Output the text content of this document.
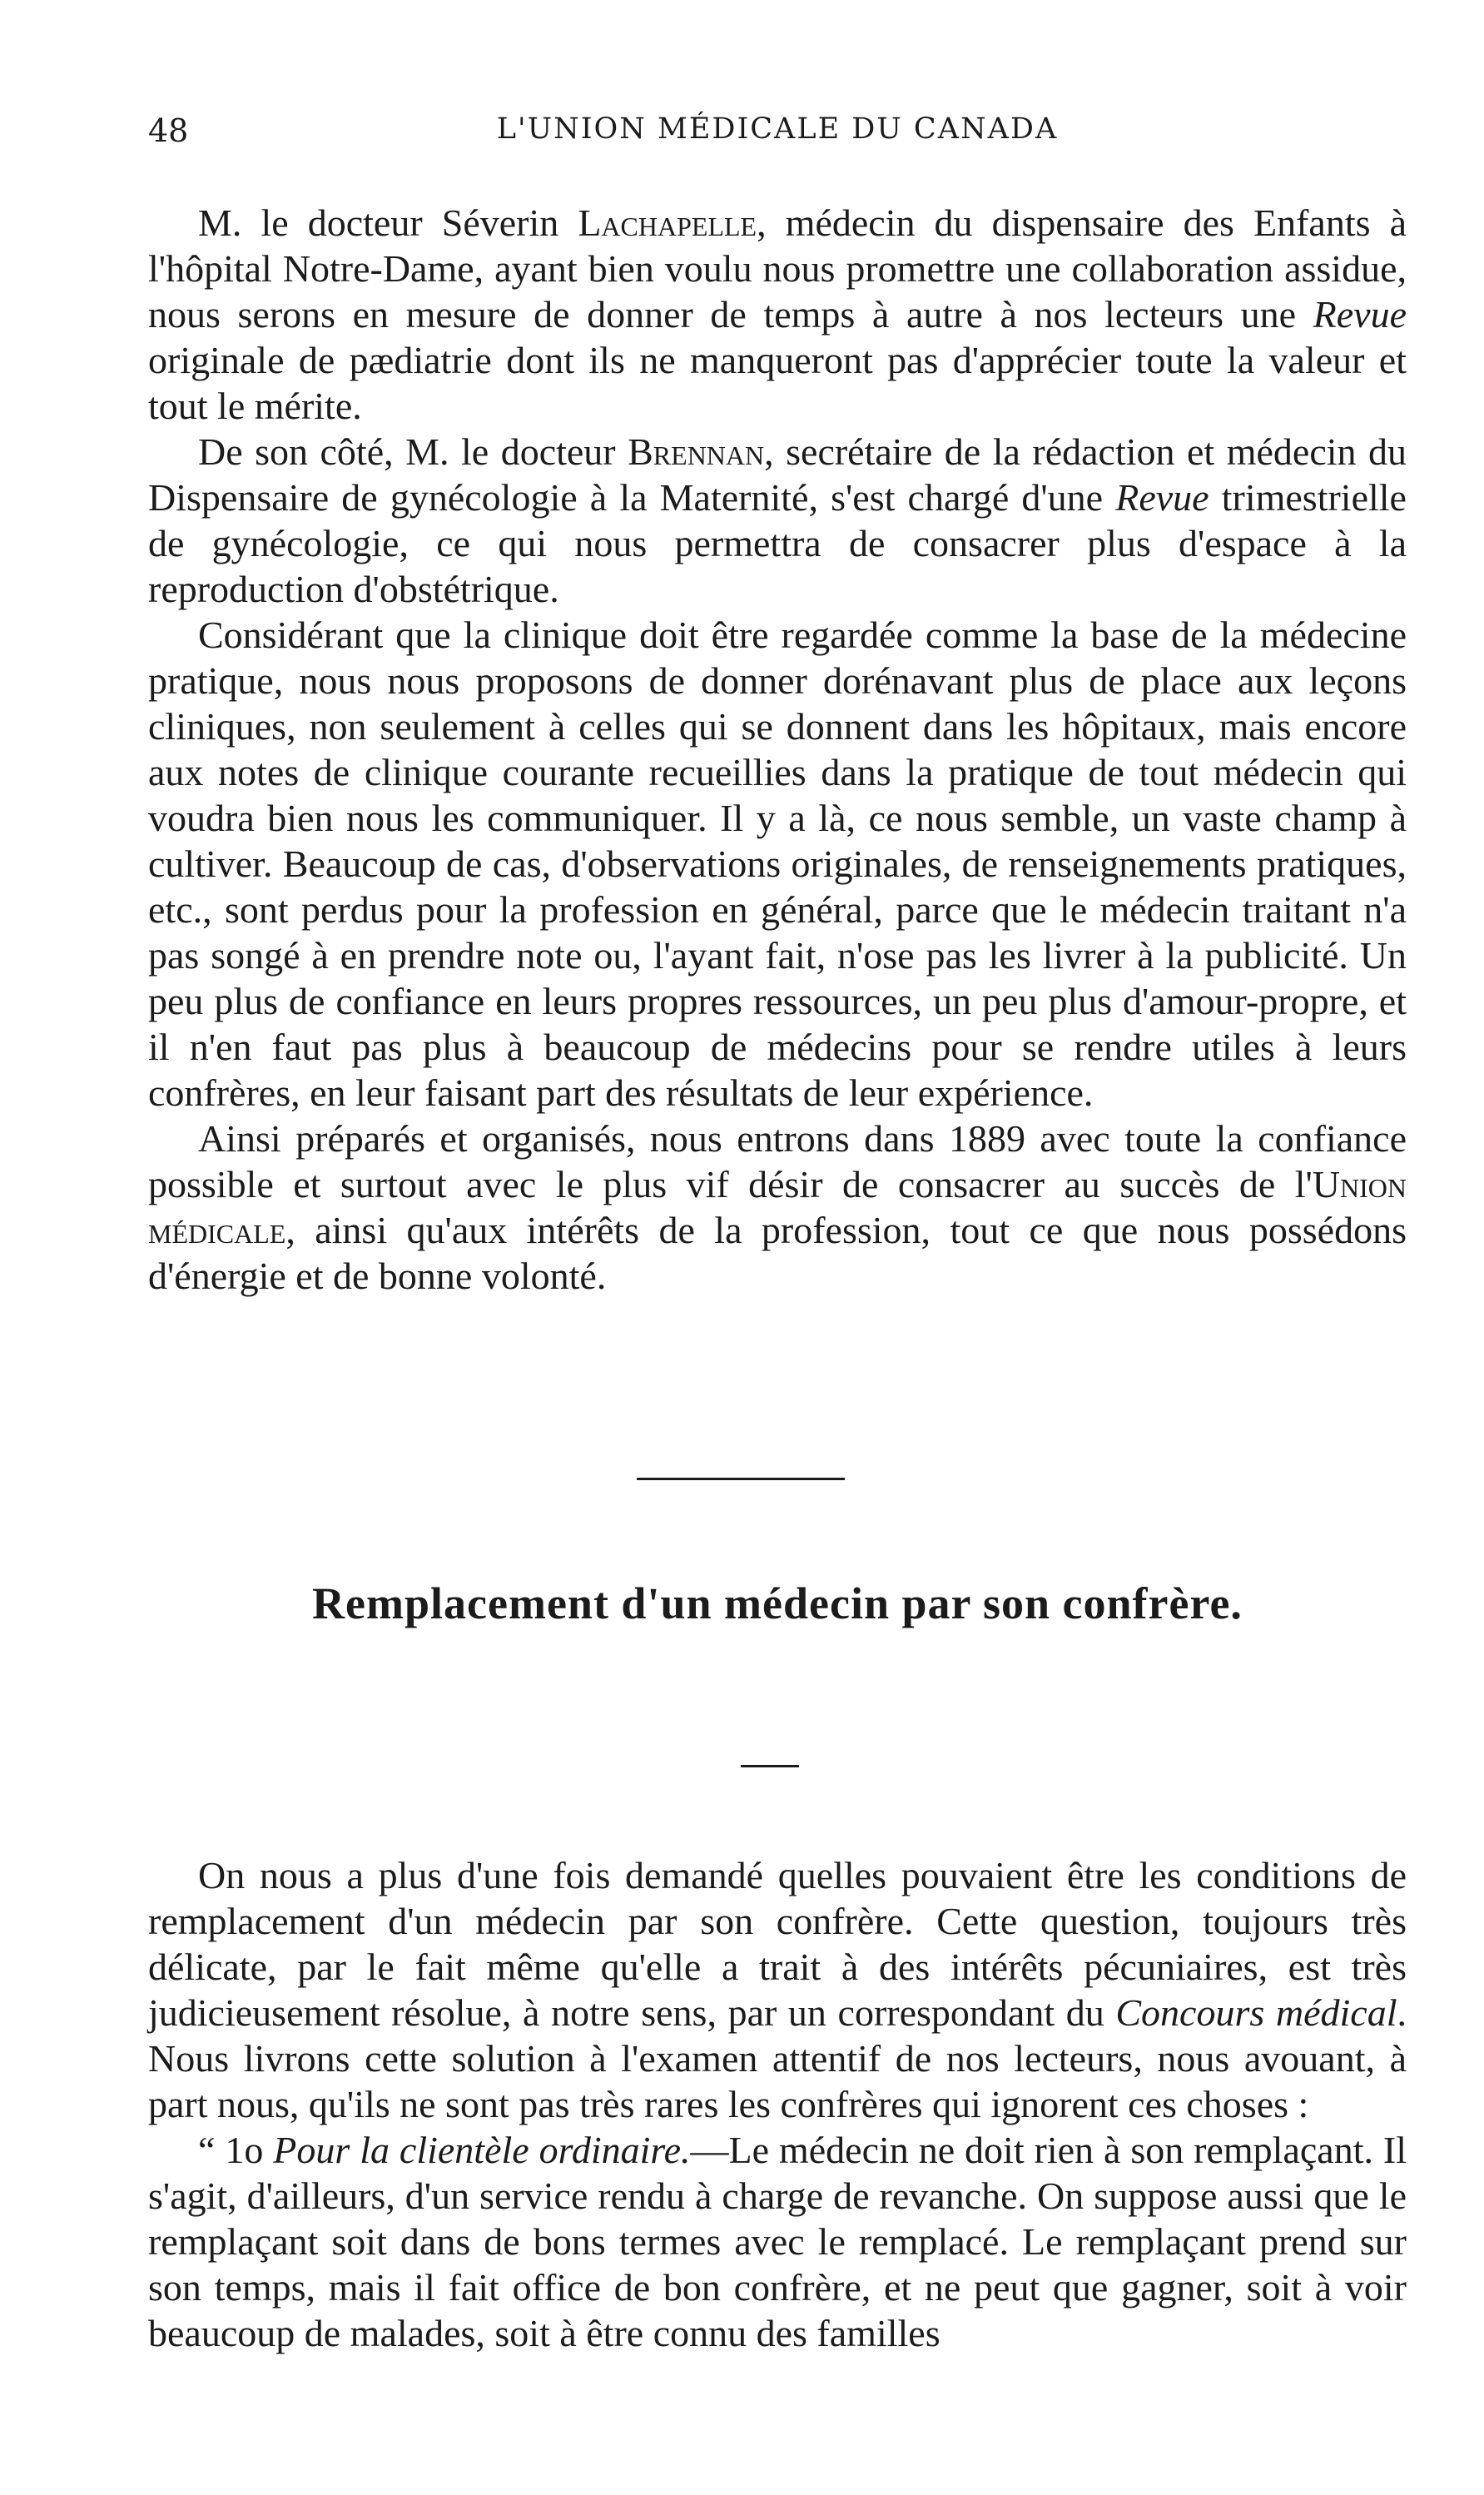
48	L'UNION MÉDICALE DU CANADA

M. le docteur Séverin Lachapelle, médecin du dispensaire des Enfants à l'hôpital Notre-Dame, ayant bien voulu nous promettre une collaboration assidue, nous serons en mesure de donner de temps à autre à nos lecteurs une Revue originale de pædiatrie dont ils ne manqueront pas d'apprécier toute la valeur et tout le mérite.

De son côté, M. le docteur Brennan, secrétaire de la rédaction et médecin du Dispensaire de gynécologie à la Maternité, s'est chargé d'une Revue trimestrielle de gynécologie, ce qui nous permettra de consacrer plus d'espace à la reproduction d'obstétrique.

Considérant que la clinique doit être regardée comme la base de la médecine pratique, nous nous proposons de donner dorénavant plus de place aux leçons cliniques, non seulement à celles qui se donnent dans les hôpitaux, mais encore aux notes de clinique courante recueillies dans la pratique de tout médecin qui voudra bien nous les communiquer. Il y a là, ce nous semble, un vaste champ à cultiver. Beaucoup de cas, d'observations originales, de renseignements pratiques, etc., sont perdus pour la profession en général, parce que le médecin traitant n'a pas songé à en prendre note ou, l'ayant fait, n'ose pas les livrer à la publicité. Un peu plus de confiance en leurs propres ressources, un peu plus d'amour-propre, et il n'en faut pas plus à beaucoup de médecins pour se rendre utiles à leurs confrères, en leur faisant part des résultats de leur expérience.

Ainsi préparés et organisés, nous entrons dans 1889 avec toute la confiance possible et surtout avec le plus vif désir de consacrer au succès de l'Union médicale, ainsi qu'aux intérêts de la profession, tout ce que nous possédons d'énergie et de bonne volonté.

Remplacement d'un médecin par son confrère.

On nous a plus d'une fois demandé quelles pouvaient être les conditions de remplacement d'un médecin par son confrère. Cette question, toujours très délicate, par le fait même qu'elle a trait à des intérêts pécuniaires, est très judicieusement résolue, à notre sens, par un correspondant du Concours médical. Nous livrons cette solution à l'examen attentif de nos lecteurs, nous avouant, à part nous, qu'ils ne sont pas très rares les confrères qui ignorent ces choses :

“ 1o Pour la clientèle ordinaire.—Le médecin ne doit rien à son remplaçant. Il s'agit, d'ailleurs, d'un service rendu à charge de revanche. On suppose aussi que le remplaçant soit dans de bons termes avec le remplacé. Le remplaçant prend sur son temps, mais il fait office de bon confrère, et ne peut que gagner, soit à voir beaucoup de malades, soit à être connu des familles
